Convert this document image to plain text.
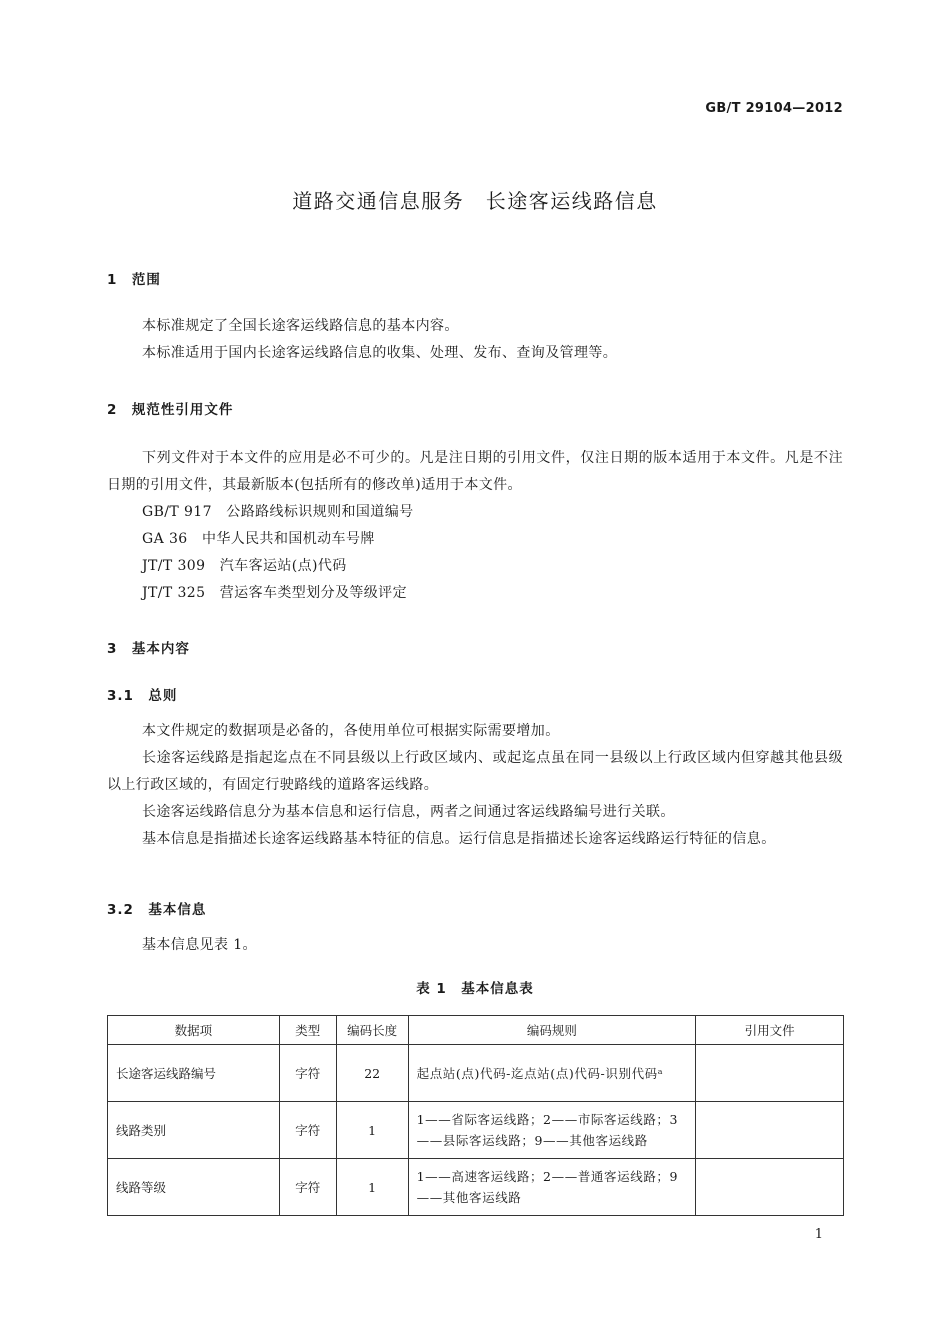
GB/T 29104—2012
道路交通信息服务　长途客运线路信息
1　范围
本标准规定了全国长途客运线路信息的基本内容。
本标准适用于国内长途客运线路信息的收集、处理、发布、查询及管理等。
2　规范性引用文件
下列文件对于本文件的应用是必不可少的。凡是注日期的引用文件，仅注日期的版本适用于本文件。凡是不注日期的引用文件，其最新版本(包括所有的修改单)适用于本文件。
GB/T 917　公路路线标识规则和国道编号
GA 36　中华人民共和国机动车号牌
JT/T 309　汽车客运站(点)代码
JT/T 325　营运客车类型划分及等级评定
3　基本内容
3.1　总则
本文件规定的数据项是必备的，各使用单位可根据实际需要增加。
长途客运线路是指起迄点在不同县级以上行政区域内、或起迄点虽在同一县级以上行政区域内但穿越其他县级以上行政区域的，有固定行驶路线的道路客运线路。
长途客运线路信息分为基本信息和运行信息，两者之间通过客运线路编号进行关联。
基本信息是指描述长途客运线路基本特征的信息。运行信息是指描述长途客运线路运行特征的信息。
3.2　基本信息
基本信息见表 1。
表 1　基本信息表
数据项	类型	编码长度	编码规则	引用文件
长途客运线路编号	字符	22	起点站(点)代码-迄点站(点)代码-识别代码ᵃ	
线路类别	字符	1	1——省际客运线路；2——市际客运线路；3——县际客运线路；9——其他客运线路	
线路等级	字符	1	1——高速客运线路；2——普通客运线路；9——其他客运线路	
1
